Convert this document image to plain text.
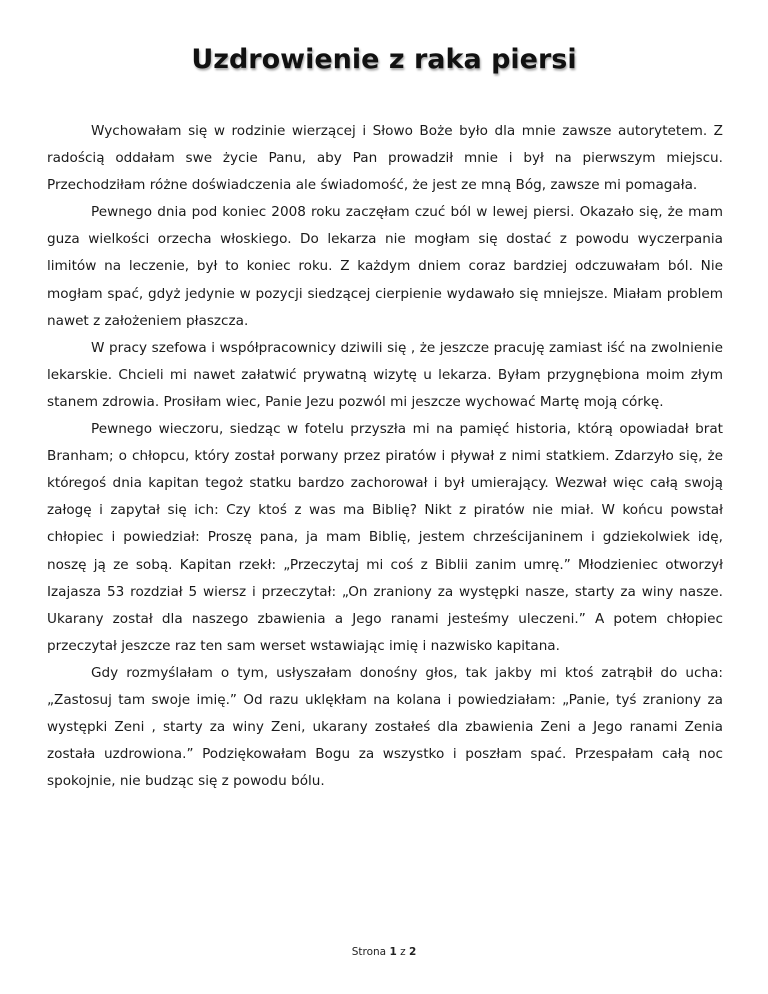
Uzdrowienie z raka piersi

Wychowałam się w rodzinie wierzącej i Słowo Boże było dla mnie zawsze autorytetem. Z radością oddałam swe życie Panu, aby Pan prowadził mnie i był na pierwszym miejscu. Przechodziłam różne doświadczenia ale świadomość, że jest ze mną Bóg, zawsze mi pomagała.

Pewnego dnia pod koniec 2008 roku zaczęłam czuć ból w lewej piersi. Okazało się, że mam guza wielkości orzecha włoskiego. Do lekarza nie mogłam się dostać z powodu wyczerpania limitów na leczenie, był to koniec roku. Z każdym dniem coraz bardziej odczuwałam ból. Nie mogłam spać, gdyż jedynie w pozycji siedzącej cierpienie wydawało się mniejsze. Miałam problem nawet z założeniem płaszcza.

W pracy szefowa i współpracownicy dziwili się , że jeszcze pracuję zamiast iść na zwolnienie lekarskie. Chcieli mi nawet załatwić prywatną wizytę u lekarza. Byłam przygnębiona moim złym stanem zdrowia. Prosiłam wiec, Panie Jezu pozwól mi jeszcze wychować Martę moją córkę.

Pewnego wieczoru, siedząc w fotelu przyszła mi na pamięć historia, którą opowiadał brat Branham; o chłopcu, który został porwany przez piratów i pływał z nimi statkiem. Zdarzyło się, że któregoś dnia kapitan tegoż statku bardzo zachorował i był umierający. Wezwał więc całą swoją załogę i zapytał się ich: Czy ktoś z was ma Biblię? Nikt z piratów nie miał. W końcu powstał chłopiec i powiedział: Proszę pana, ja mam Biblię, jestem chrześcijaninem i gdziekolwiek idę, noszę ją ze sobą. Kapitan rzekł: „Przeczytaj mi coś z Biblii zanim umrę.” Młodzieniec otworzył Izajasza 53 rozdział 5 wiersz i przeczytał: „On zraniony za występki nasze, starty za winy nasze. Ukarany został dla naszego zbawienia a Jego ranami jesteśmy uleczeni.” A potem chłopiec przeczytał jeszcze raz ten sam werset wstawiając imię i nazwisko kapitana.

Gdy rozmyślałam o tym, usłyszałam donośny głos, tak jakby mi ktoś zatrąbił do ucha: „Zastosuj tam swoje imię.” Od razu uklękłam na kolana i powiedziałam: „Panie, tyś zraniony za występki Zeni , starty za winy Zeni, ukarany zostałeś dla zbawienia Zeni a Jego ranami Zenia została uzdrowiona.” Podziękowałam Bogu za wszystko i poszłam spać. Przespałam całą noc spokojnie, nie budząc się z powodu bólu.

Strona 1 z 2
